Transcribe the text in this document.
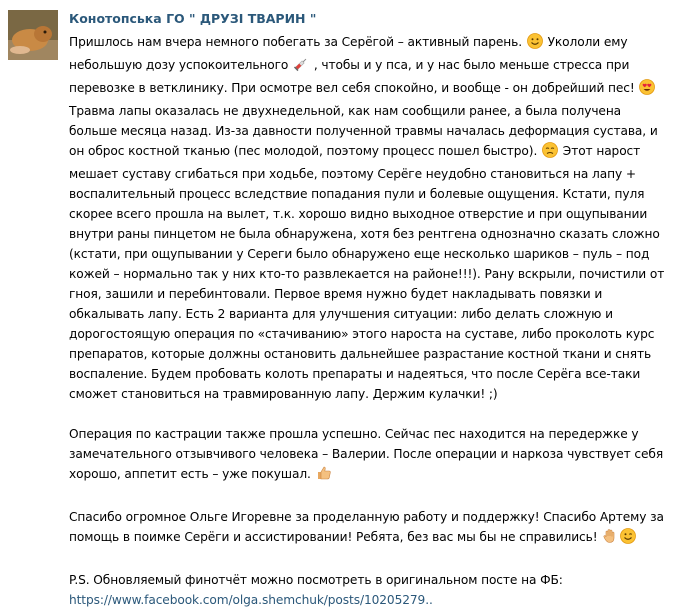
Конотопська ГО " ДРУЗІ ТВАРИН "

Пришлось нам вчера немного побегать за Серёгой – активный парень. Укололи ему небольшую дозу успокоительного , чтобы и у пса, и у нас было меньше стресса при перевозке в ветклинику. При осмотре вел себя спокойно, и вообще - он добрейший пес!  Травма лапы оказалась не двухнедельной, как нам сообщили ранее, а была получена больше месяца назад. Из-за давности полученной травмы началась деформация сустава, и он оброс костной тканью (пес молодой, поэтому процесс пошел быстро). Этот нарост мешает суставу сгибаться при ходьбе, поэтому Серёге неудобно становиться на лапу + воспалительный процесс вследствие попадания пули и болевые ощущения. Кстати, пуля скорее всего прошла на вылет, т.к. хорошо видно выходное отверстие и при ощупывании внутри раны пинцетом не была обнаружена, хотя без рентгена однозначно сказать сложно (кстати, при ощупывании у Сереги было обнаружено еще несколько шариков – пуль – под кожей – нормально так у них кто-то развлекается на районе!!!). Рану вскрыли, почистили от гноя, зашили и перебинтовали. Первое время нужно будет накладывать повязки и обкалывать лапу. Есть 2 варианта для улучшения ситуации: либо делать сложную и дорогостоящую операция по «стачиванию» этого нароста на суставе, либо проколоть курс препаратов, которые должны остановить дальнейшее разрастание костной ткани и снять воспаление. Будем пробовать колоть препараты и надеяться, что после Серёга все-таки сможет становиться на травмированную лапу. Держим кулачки! ;)

Операция по кастрации также прошла успешно. Сейчас пес находится на передержке у замечательного отзывчивого человека – Валерии. После операции и наркоза чувствует себя хорошо, аппетит есть – уже покушал.

Спасибо огромное Ольге Игоревне за проделанную работу и поддержку! Спасибо Артему за помощь в поимке Серёги и ассистировании! Ребята, без вас мы бы не справились!

P.S. Обновляемый финотчёт можно посмотреть в оригинальном посте на ФБ:
https://www.facebook.com/olga.shemchuk/posts/10205279..
